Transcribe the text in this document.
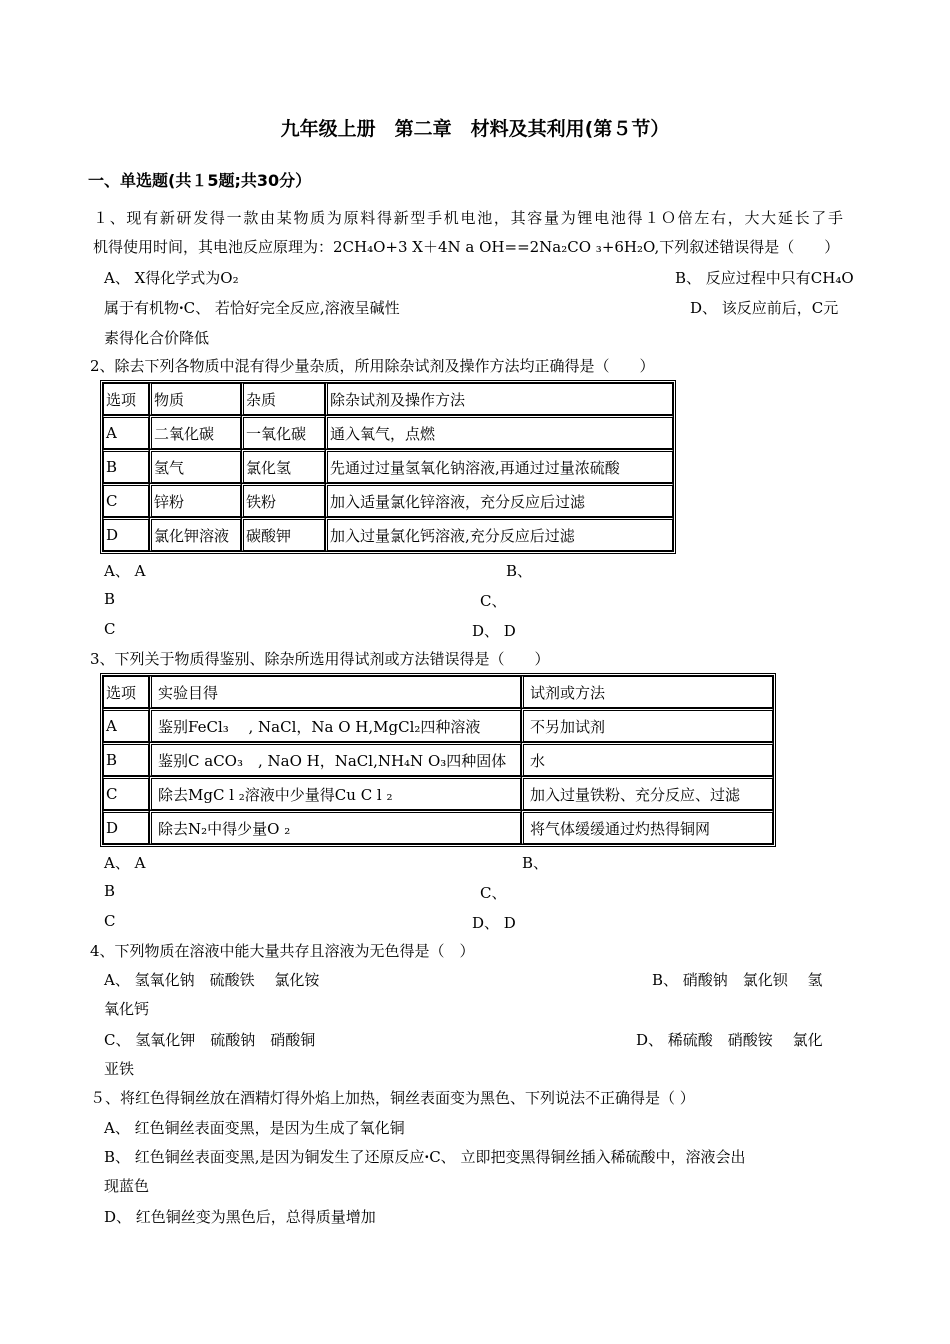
九年级上册　第二章　材料及其利用(第５节）
一、单选题(共１5题;共30分）
１、现有新研发得一款由某物质为原料得新型手机电池，其容量为锂电池得１Ｏ倍左右，大大延长了手
机得使用时间，其电池反应原理为：2CH₄O+3 X＋4N a OH==2Na₂CO ₃+6H₂O,下列叙述错误得是（　　）
A、 X得化学式为O₂	B、 反应过程中只有CH₄O
属于有机物ꞏC、 若恰好完全反应,溶液呈碱性	D、 该反应前后，C元
素得化合价降低
2、除去下列各物质中混有得少量杂质，所用除杂试剂及操作方法均正确得是（　　）
选项	物质	杂质	除杂试剂及操作方法
A	二氧化碳	一氧化碳	通入氧气，点燃
B	氢气	氯化氢	先通过过量氢氧化钠溶液,再通过过量浓硫酸
C	锌粉	铁粉	加入适量氯化锌溶液，充分反应后过滤
D	氯化钾溶液	碳酸钾	加入过量氯化钙溶液,充分反应后过滤
A、 A	B、
B	C、
C	D、 D
3、下列关于物质得鉴别、除杂所选用得试剂或方法错误得是（　　）
选项	实验目得	试剂或方法
A	鉴别FeCl₃　 , NaCl，Na O H,MgCl₂四种溶液	不另加试剂
B	鉴别C aCO₃　, NaO H，NaCl,NH₄N O₃四种固体	水
C	除去MgC l ₂溶液中少量得Cu C l ₂	加入过量铁粉、充分反应、过滤
D	除去N₂中得少量O ₂	将气体缓缓通过灼热得铜网
A、 A	B、
B	C、
C	D、 D
4、下列物质在溶液中能大量共存且溶液为无色得是（　）
A、 氢氧化钠　硫酸铁　 氯化铵	B、 硝酸钠　氯化钡　 氢
氧化钙
C、 氢氧化钾　硫酸钠　硝酸铜	D、 稀硫酸　硝酸铵　 氯化
亚铁
５、将红色得铜丝放在酒精灯得外焰上加热，铜丝表面变为黑色、下列说法不正确得是（ ）
A、 红色铜丝表面变黑，是因为生成了氧化铜
B、 红色铜丝表面变黑,是因为铜发生了还原反应ꞏC、 立即把变黑得铜丝插入稀硫酸中，溶液会出
现蓝色
D、 红色铜丝变为黑色后，总得质量增加
